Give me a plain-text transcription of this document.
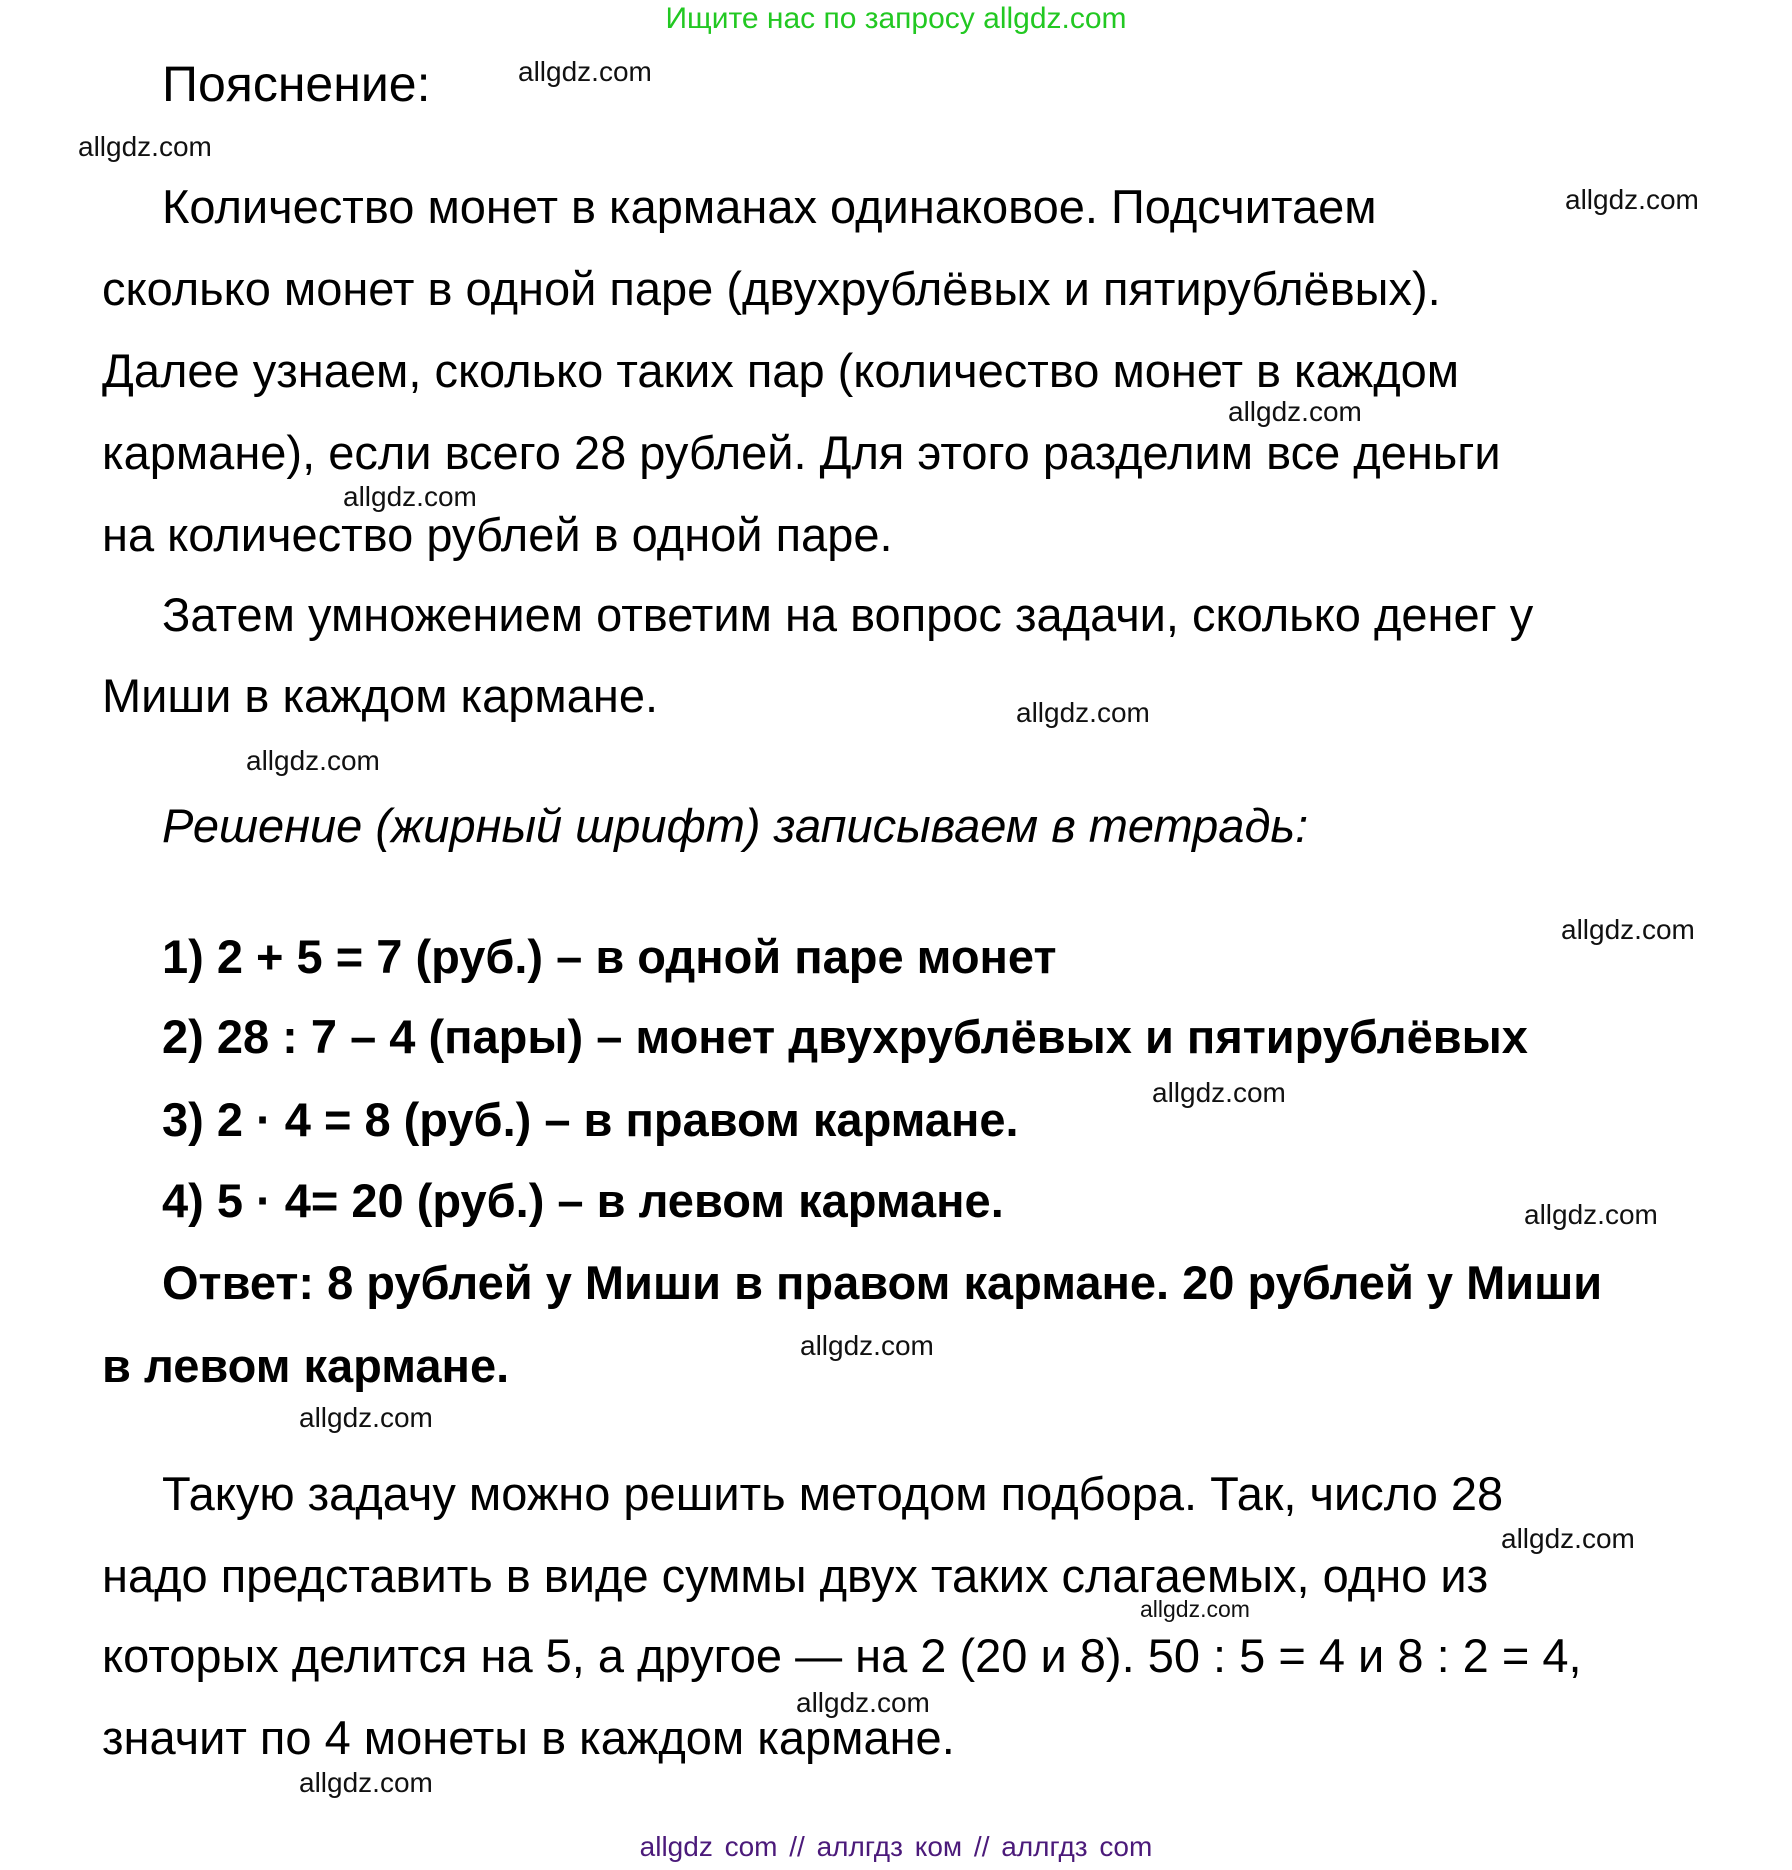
Ищите нас по запросу allgdz.com
Пояснение:
Количество монет в карманах одинаковое. Подсчитаем
сколько монет в одной паре (двухрублёвых и пятирублёвых).
Далее узнаем, сколько таких пар (количество монет в каждом
кармане), если всего 28 рублей. Для этого разделим все деньги
на количество рублей в одной паре.
Затем умножением ответим на вопрос задачи, сколько денег у
Миши в каждом кармане.
Решение (жирный шрифт) записываем в тетрадь:
1) 2 + 5 = 7 (руб.) – в одной паре монет
2) 28 : 7 – 4 (пары) – монет двухрублёвых и пятирублёвых
3) 2 · 4 = 8 (руб.) – в правом кармане.
4) 5 · 4= 20 (руб.) – в левом кармане.
Ответ: 8 рублей у Миши в правом кармане. 20 рублей у Миши
в левом кармане.
Такую задачу можно решить методом подбора. Так, число 28
надо представить в виде суммы двух таких слагаемых, одно из
которых делится на 5, а другое — на 2 (20 и 8). 50 : 5 = 4 и 8 : 2 = 4,
значит по 4 монеты в каждом кармане.
allgdz.com
allgdz.com
allgdz.com
allgdz.com
allgdz.com
allgdz.com
allgdz.com
allgdz.com
allgdz.com
allgdz.com
allgdz.com
allgdz.com
allgdz.com
allgdz.com
allgdz.com
allgdz.com
allgdz com // аллгдз ком // аллгдз com
